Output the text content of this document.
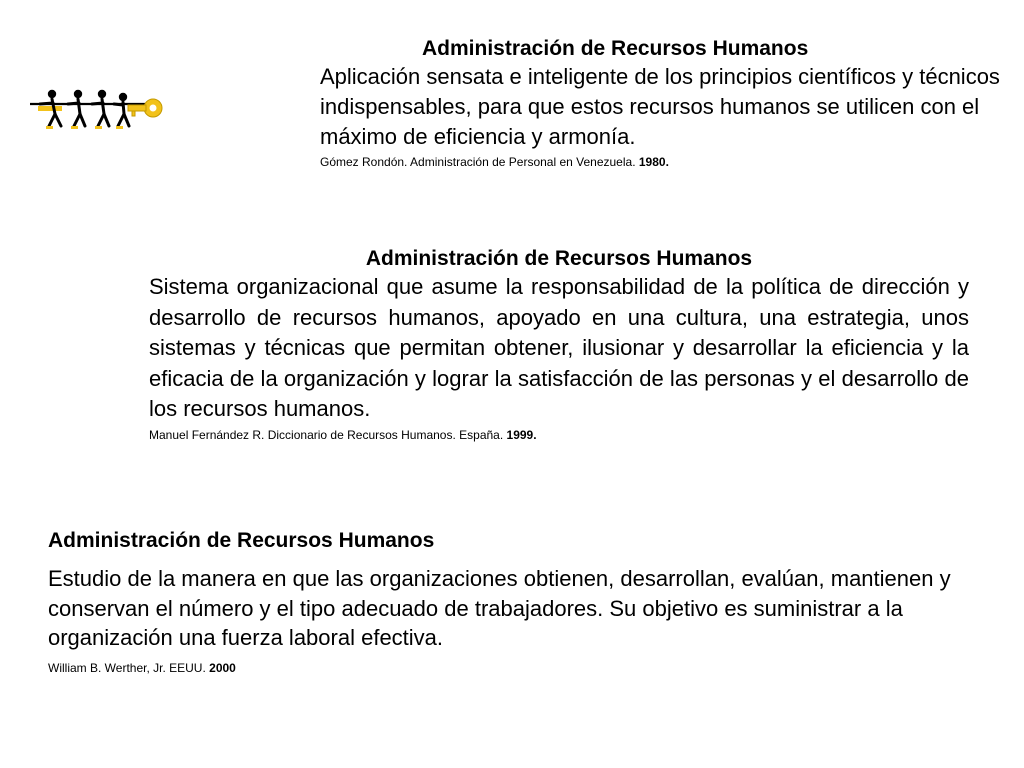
Administración de Recursos Humanos
Aplicación sensata e inteligente de los principios científicos y técnicos indispensables, para que estos recursos humanos se utilicen con el máximo de eficiencia y armonía.
Gómez Rondón. Administración de Personal en Venezuela. 1980.
Administración de Recursos Humanos
Sistema organizacional que asume la responsabilidad de la política de dirección y desarrollo de recursos humanos, apoyado en una cultura, una estrategia, unos sistemas y técnicas que permitan obtener, ilusionar y desarrollar la eficiencia y la eficacia de la organización y lograr la satisfacción de las personas y el desarrollo de los recursos humanos.
Manuel Fernández R. Diccionario de Recursos Humanos. España. 1999.
Administración de Recursos Humanos
Estudio de la manera en que las organizaciones obtienen, desarrollan, evalúan, mantienen y conservan el número y el tipo adecuado de trabajadores. Su objetivo es suministrar a la organización una fuerza laboral efectiva.
William B. Werther, Jr. EEUU. 2000
